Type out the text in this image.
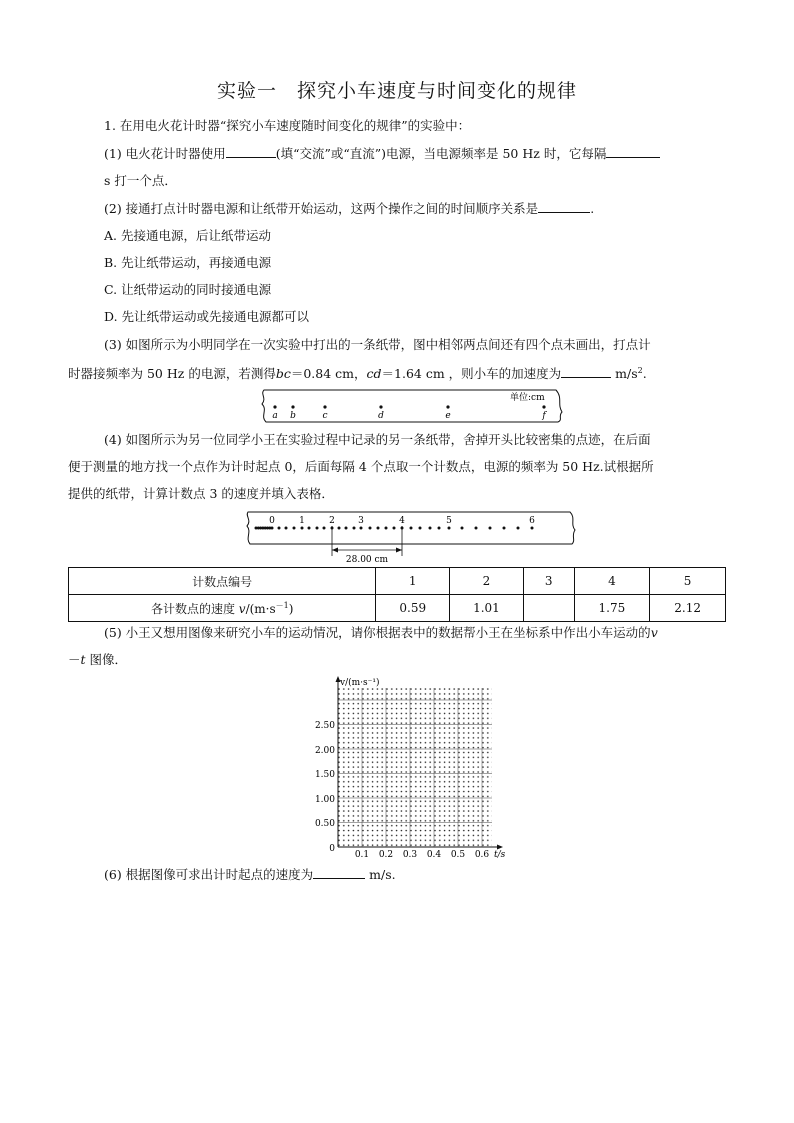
实验一　探究小车速度与时间变化的规律
1. 在用电火花计时器“探究小车速度随时间变化的规律”的实验中：
(1) 电火花计时器使用	(填“交流”或“直流”)电源，当电源频率是 50 Hz 时，它每隔
s 打一个点．
(2) 接通打点计时器电源和让纸带开始运动，这两个操作之间的时间顺序关系是	.
A. 先接通电源，后让纸带运动
B. 先让纸带运动，再接通电源
C. 让纸带运动的同时接通电源
D. 先让纸带运动或先接通电源都可以
(3) 如图所示为小明同学在一次实验中打出的一条纸带，图中相邻两点间还有四个点未画出，打点计
时器接频率为 50 Hz 的电源，若测得bc＝0.84 cm，cd＝1.64 cm ，则小车的加速度为	$m/s^2$.
单位:cm
a b	c	d	e	f
(4) 如图所示为另一位同学小王在实验过程中记录的另一条纸带，舍掉开头比较密集的点迹，在后面
便于测量的地方找一个点作为计时起点 0，后面每隔 4 个点取一个计数点，电源的频率为 50 Hz.试根据所
提供的纸带，计算计数点 3 的速度并填入表格．
0	1	2	3	4	5	6
28.00 cm
计数点编号	1	2	3	4	5
各计数点的速度 $v/(m\cdot s^{-1})$	0.59	1.01		1.75	2.12
(5) 小王又想用图像来研究小车的运动情况，请你根据表中的数据帮小王在坐标系中作出小车运动的v
－t 图像．
v/(m·s⁻¹)
t/s
0
0.50
1.00
1.50
2.00
2.50
0.1 0.2 0.3 0.4 0.5 0.6
(6) 根据图像可求出计时起点的速度为	m/s.
